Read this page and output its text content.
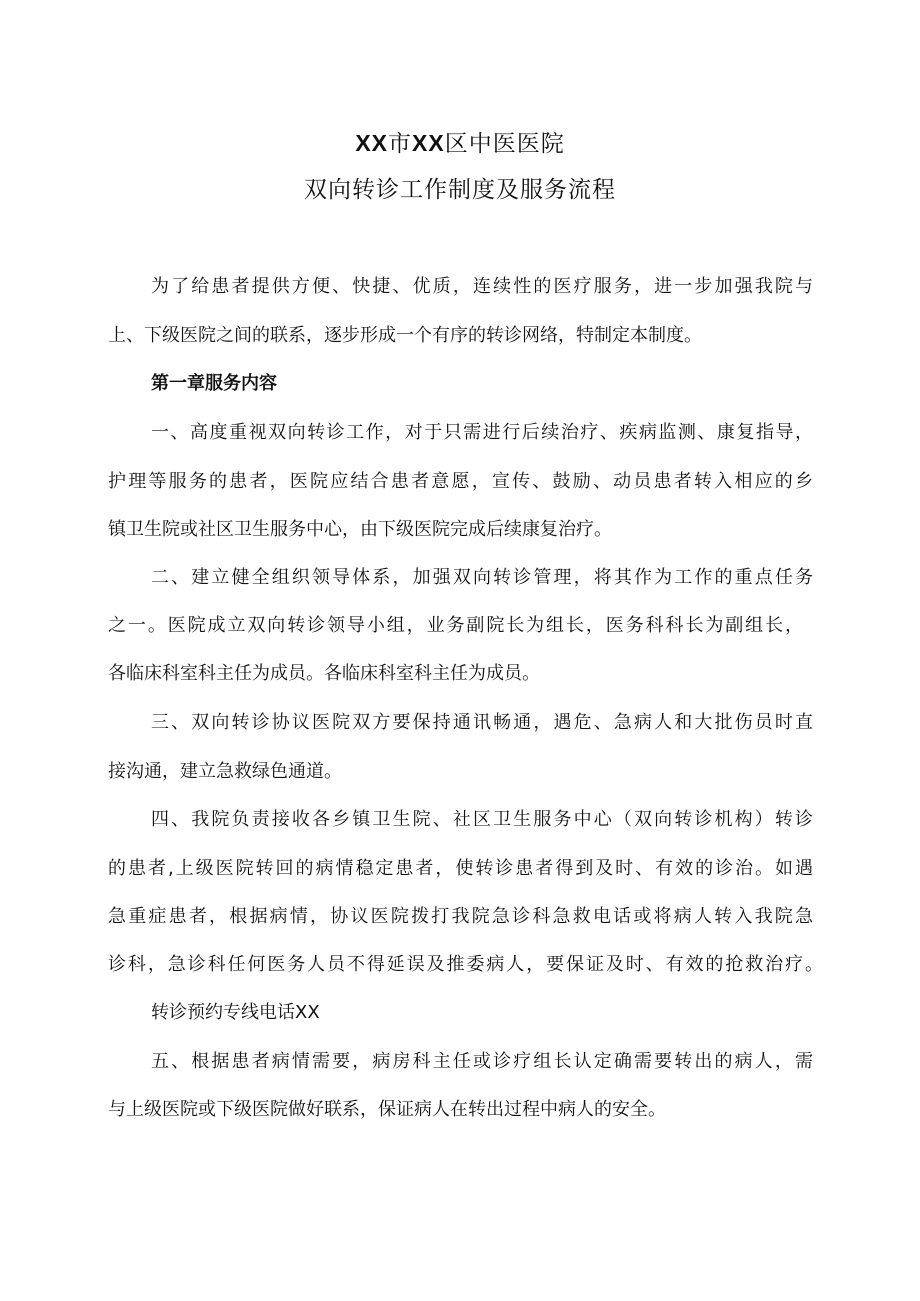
XX市XX区中医医院
双向转诊工作制度及服务流程
为了给患者提供方便、快捷、优质，连续性的医疗服务，进一步加强我院与
上、下级医院之间的联系，逐步形成一个有序的转诊网络，特制定本制度。
第一章服务内容
一、高度重视双向转诊工作，对于只需进行后续治疗、疾病监测、康复指导，
护理等服务的患者，医院应结合患者意愿，宣传、鼓励、动员患者转入相应的乡
镇卫生院或社区卫生服务中心，由下级医院完成后续康复治疗。
二、建立健全组织领导体系，加强双向转诊管理，将其作为工作的重点任务
之一。医院成立双向转诊领导小组，业务副院长为组长，医务科科长为副组长，
各临床科室科主任为成员。各临床科室科主任为成员。
三、双向转诊协议医院双方要保持通讯畅通，遇危、急病人和大批伤员时直
接沟通，建立急救绿色通道。
四、我院负责接收各乡镇卫生院、社区卫生服务中心（双向转诊机构）转诊
的患者,上级医院转回的病情稳定患者，使转诊患者得到及时、有效的诊治。如遇
急重症患者，根据病情，协议医院拨打我院急诊科急救电话或将病人转入我院急
诊科，急诊科任何医务人员不得延误及推委病人，要保证及时、有效的抢救治疗。
转诊预约专线电话XX
五、根据患者病情需要，病房科主任或诊疗组长认定确需要转出的病人，需
与上级医院或下级医院做好联系，保证病人在转出过程中病人的安全。
